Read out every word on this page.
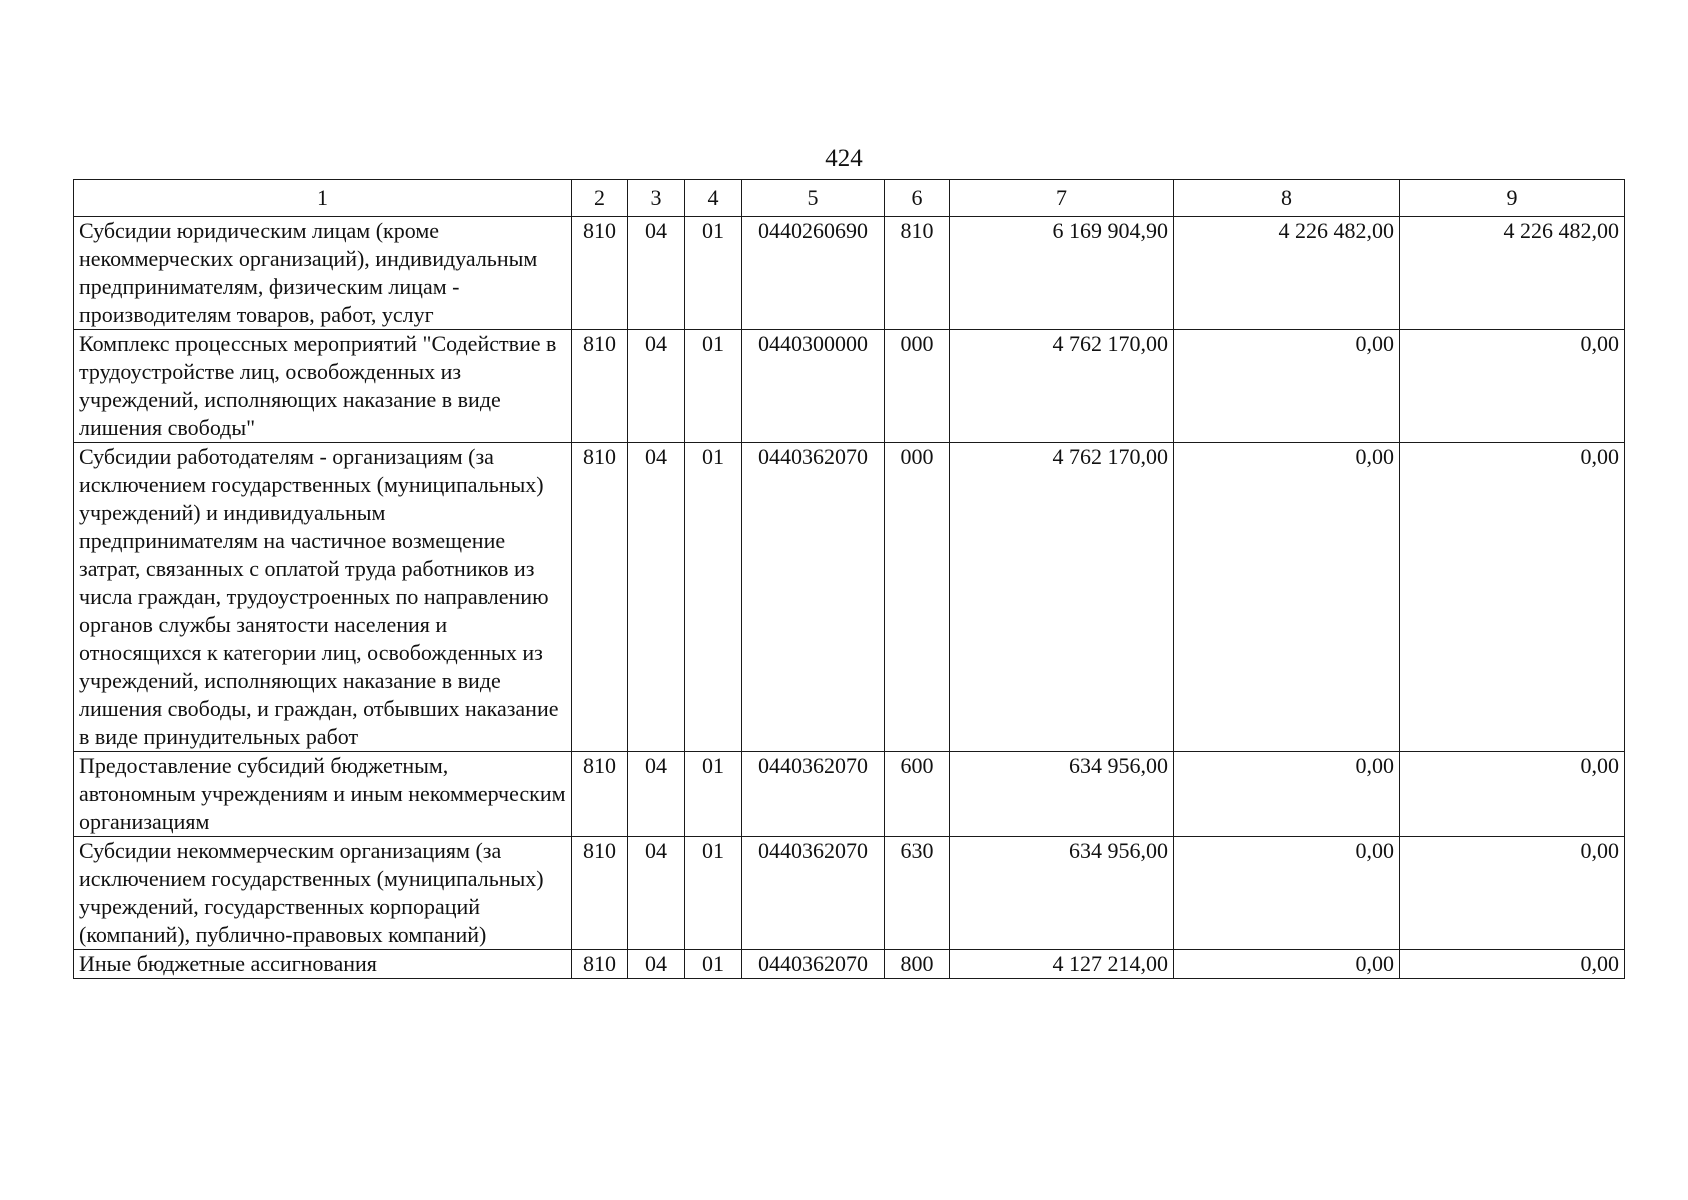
424
1	2	3	4	5	6	7	8	9
Субсидии юридическим лицам (кроме некоммерческих организаций), индивидуальным предпринимателям, физическим лицам - производителям товаров, работ, услуг	810	04	01	0440260690	810	6 169 904,90	4 226 482,00	4 226 482,00
Комплекс процессных мероприятий "Содействие в трудоустройстве лиц, освобожденных из учреждений, исполняющих наказание в виде лишения свободы"	810	04	01	0440300000	000	4 762 170,00	0,00	0,00
Субсидии работодателям - организациям (за исключением государственных (муниципальных) учреждений) и индивидуальным предпринимателям на частичное возмещение затрат, связанных с оплатой труда работников из числа граждан, трудоустроенных по направлению органов службы занятости населения и относящихся к категории лиц, освобожденных из учреждений, исполняющих наказание в виде лишения свободы, и граждан, отбывших наказание в виде принудительных работ	810	04	01	0440362070	000	4 762 170,00	0,00	0,00
Предоставление субсидий бюджетным, автономным учреждениям и иным некоммерческим организациям	810	04	01	0440362070	600	634 956,00	0,00	0,00
Субсидии некоммерческим организациям (за исключением государственных (муниципальных) учреждений, государственных корпораций (компаний), публично-правовых компаний)	810	04	01	0440362070	630	634 956,00	0,00	0,00
Иные бюджетные ассигнования	810	04	01	0440362070	800	4 127 214,00	0,00	0,00
